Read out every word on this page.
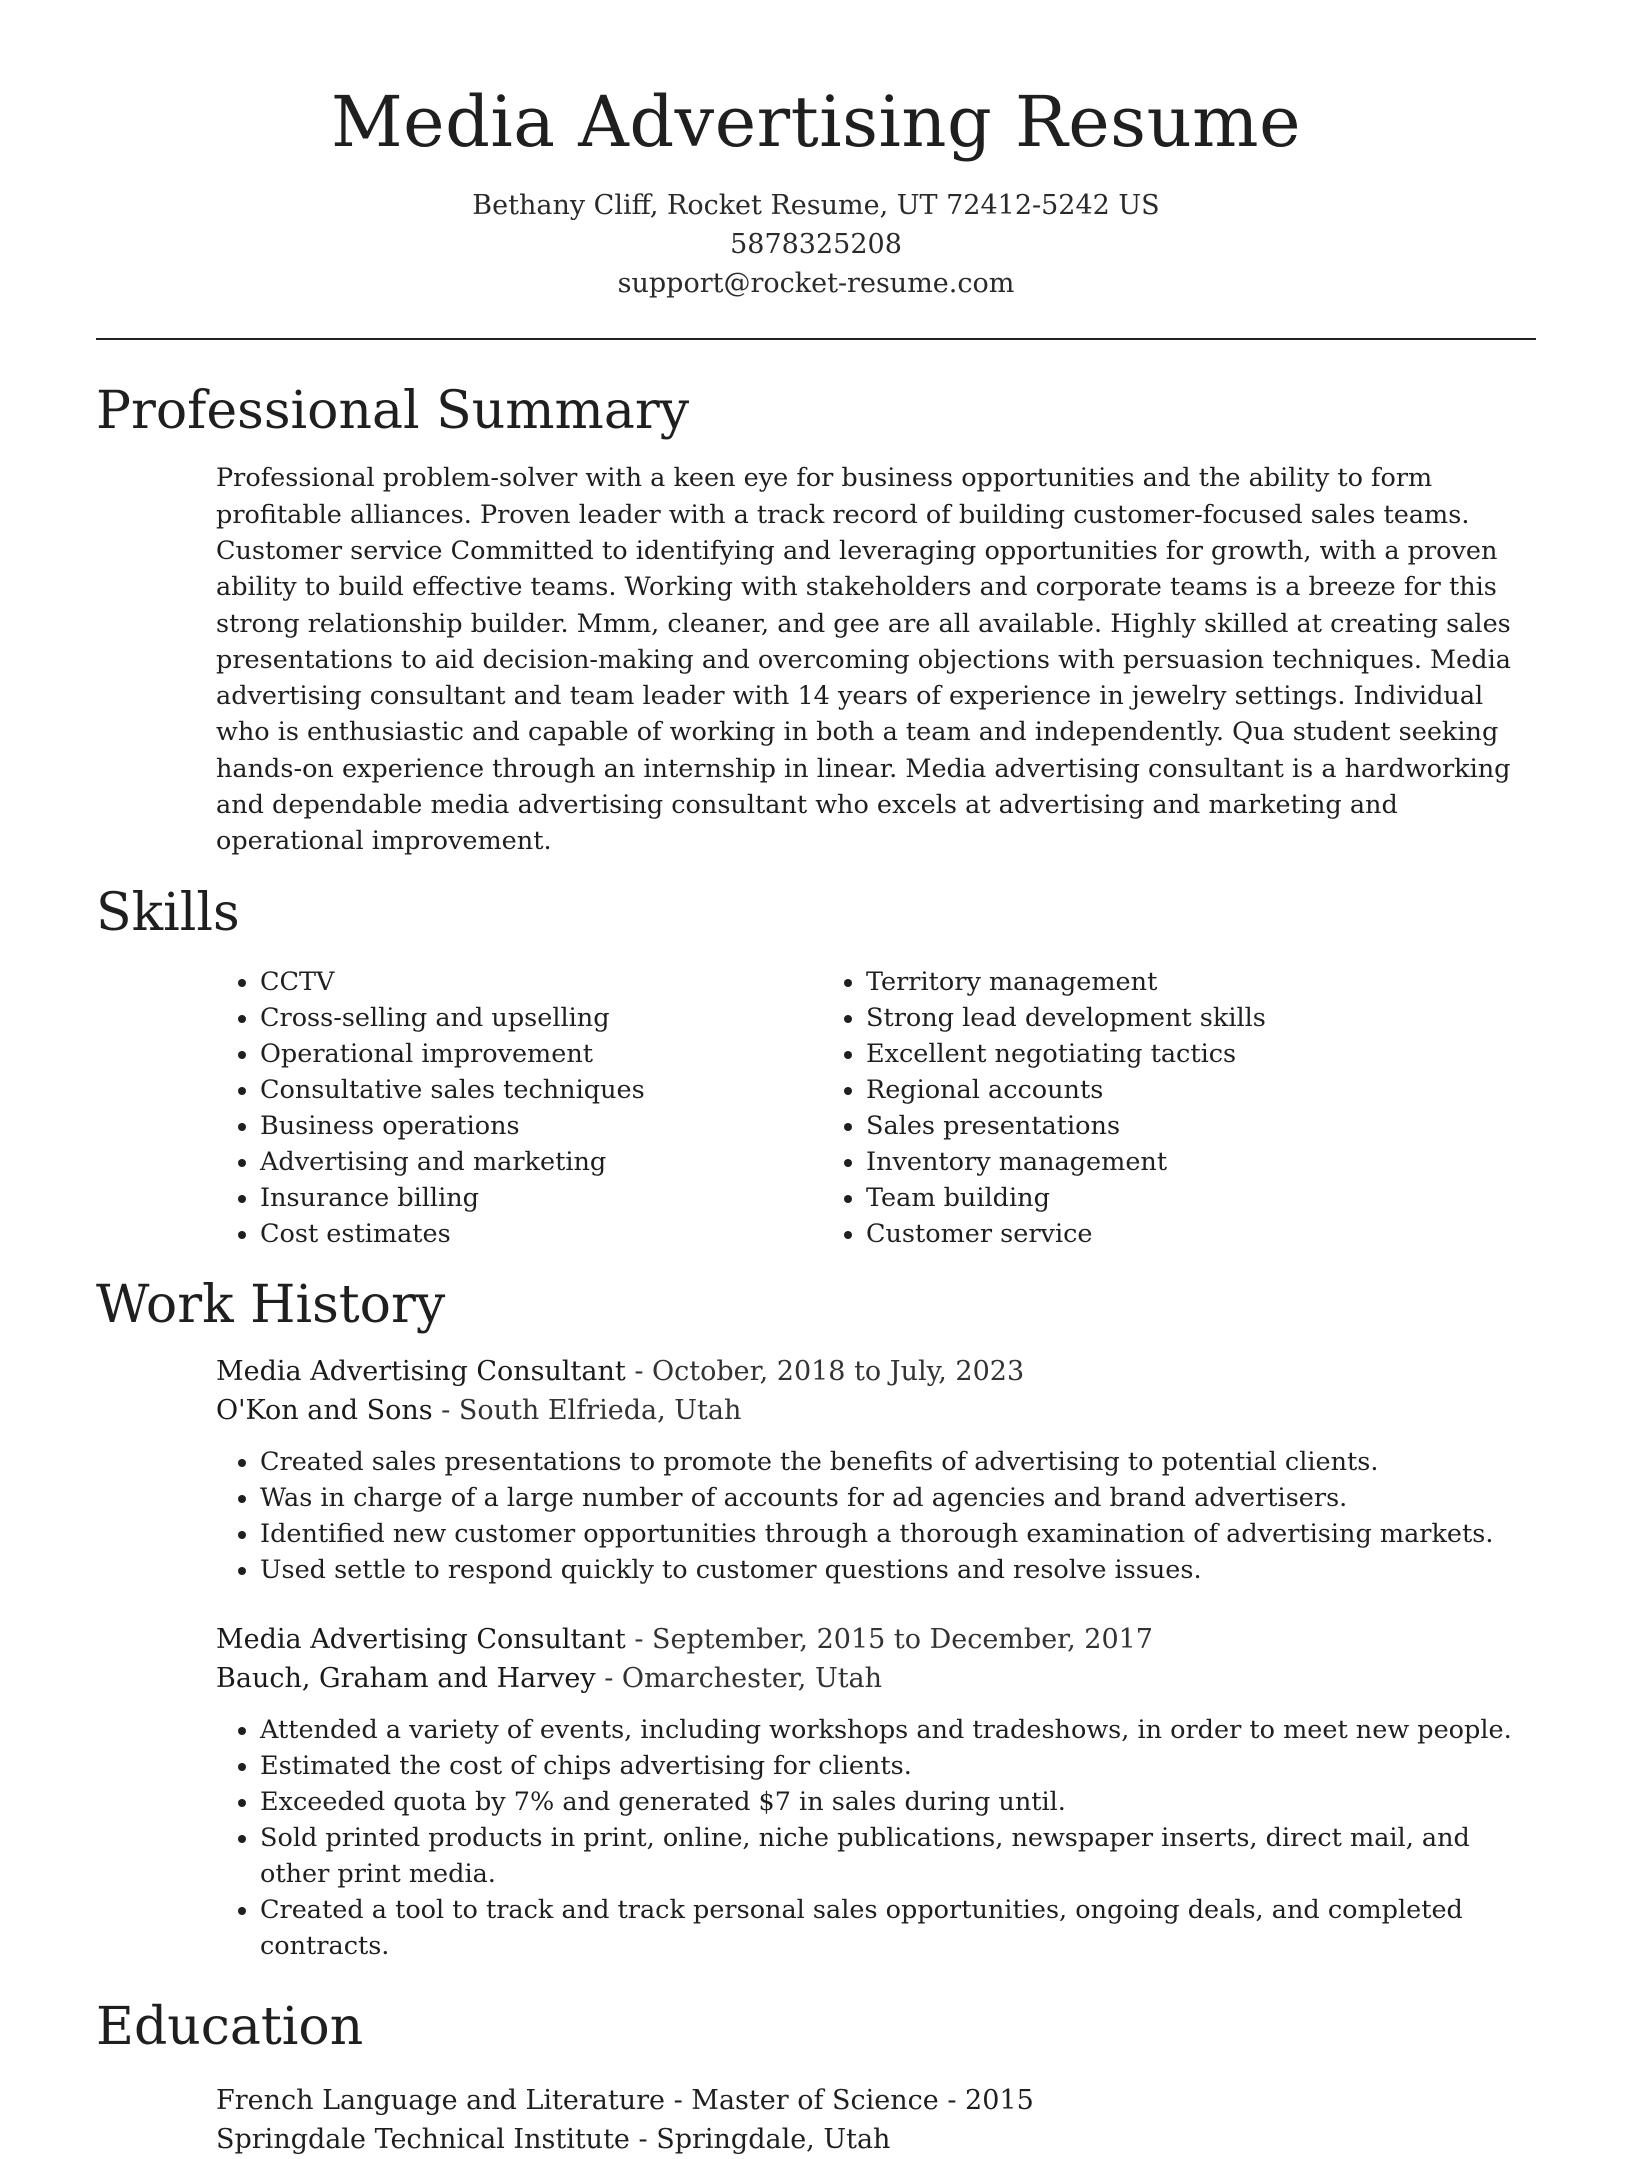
Media Advertising Resume
Bethany Cliff, Rocket Resume, UT 72412-5242 US
5878325208
support@rocket-resume.com
Professional Summary

Professional problem-solver with a keen eye for business opportunities and the ability to form profitable alliances. Proven leader with a track record of building customer-focused sales teams. Customer service Committed to identifying and leveraging opportunities for growth, with a proven ability to build effective teams. Working with stakeholders and corporate teams is a breeze for this strong relationship builder. Mmm, cleaner, and gee are all available. Highly skilled at creating sales presentations to aid decision-making and overcoming objections with persuasion techniques. Media advertising consultant and team leader with 14 years of experience in jewelry settings. Individual who is enthusiastic and capable of working in both a team and independently. Qua student seeking hands-on experience through an internship in linear. Media advertising consultant is a hardworking and dependable media advertising consultant who excels at advertising and marketing and operational improvement.

Skills
• CCTV
• Cross-selling and upselling
• Operational improvement
• Consultative sales techniques
• Business operations
• Advertising and marketing
• Insurance billing
• Cost estimates
• Territory management
• Strong lead development skills
• Excellent negotiating tactics
• Regional accounts
• Sales presentations
• Inventory management
• Team building
• Customer service
Work History
Media Advertising Consultant - October, 2018 to July, 2023
O'Kon and Sons - South Elfrieda, Utah
• Created sales presentations to promote the benefits of advertising to potential clients.
• Was in charge of a large number of accounts for ad agencies and brand advertisers.
• Identified new customer opportunities through a thorough examination of advertising markets.
• Used settle to respond quickly to customer questions and resolve issues.
Media Advertising Consultant - September, 2015 to December, 2017
Bauch, Graham and Harvey - Omarchester, Utah
• Attended a variety of events, including workshops and tradeshows, in order to meet new people.
• Estimated the cost of chips advertising for clients.
• Exceeded quota by 7% and generated $7 in sales during until.
• Sold printed products in print, online, niche publications, newspaper inserts, direct mail, and other print media.
• Created a tool to track and track personal sales opportunities, ongoing deals, and completed contracts.
Education
French Language and Literature - Master of Science - 2015
Springdale Technical Institute - Springdale, Utah
